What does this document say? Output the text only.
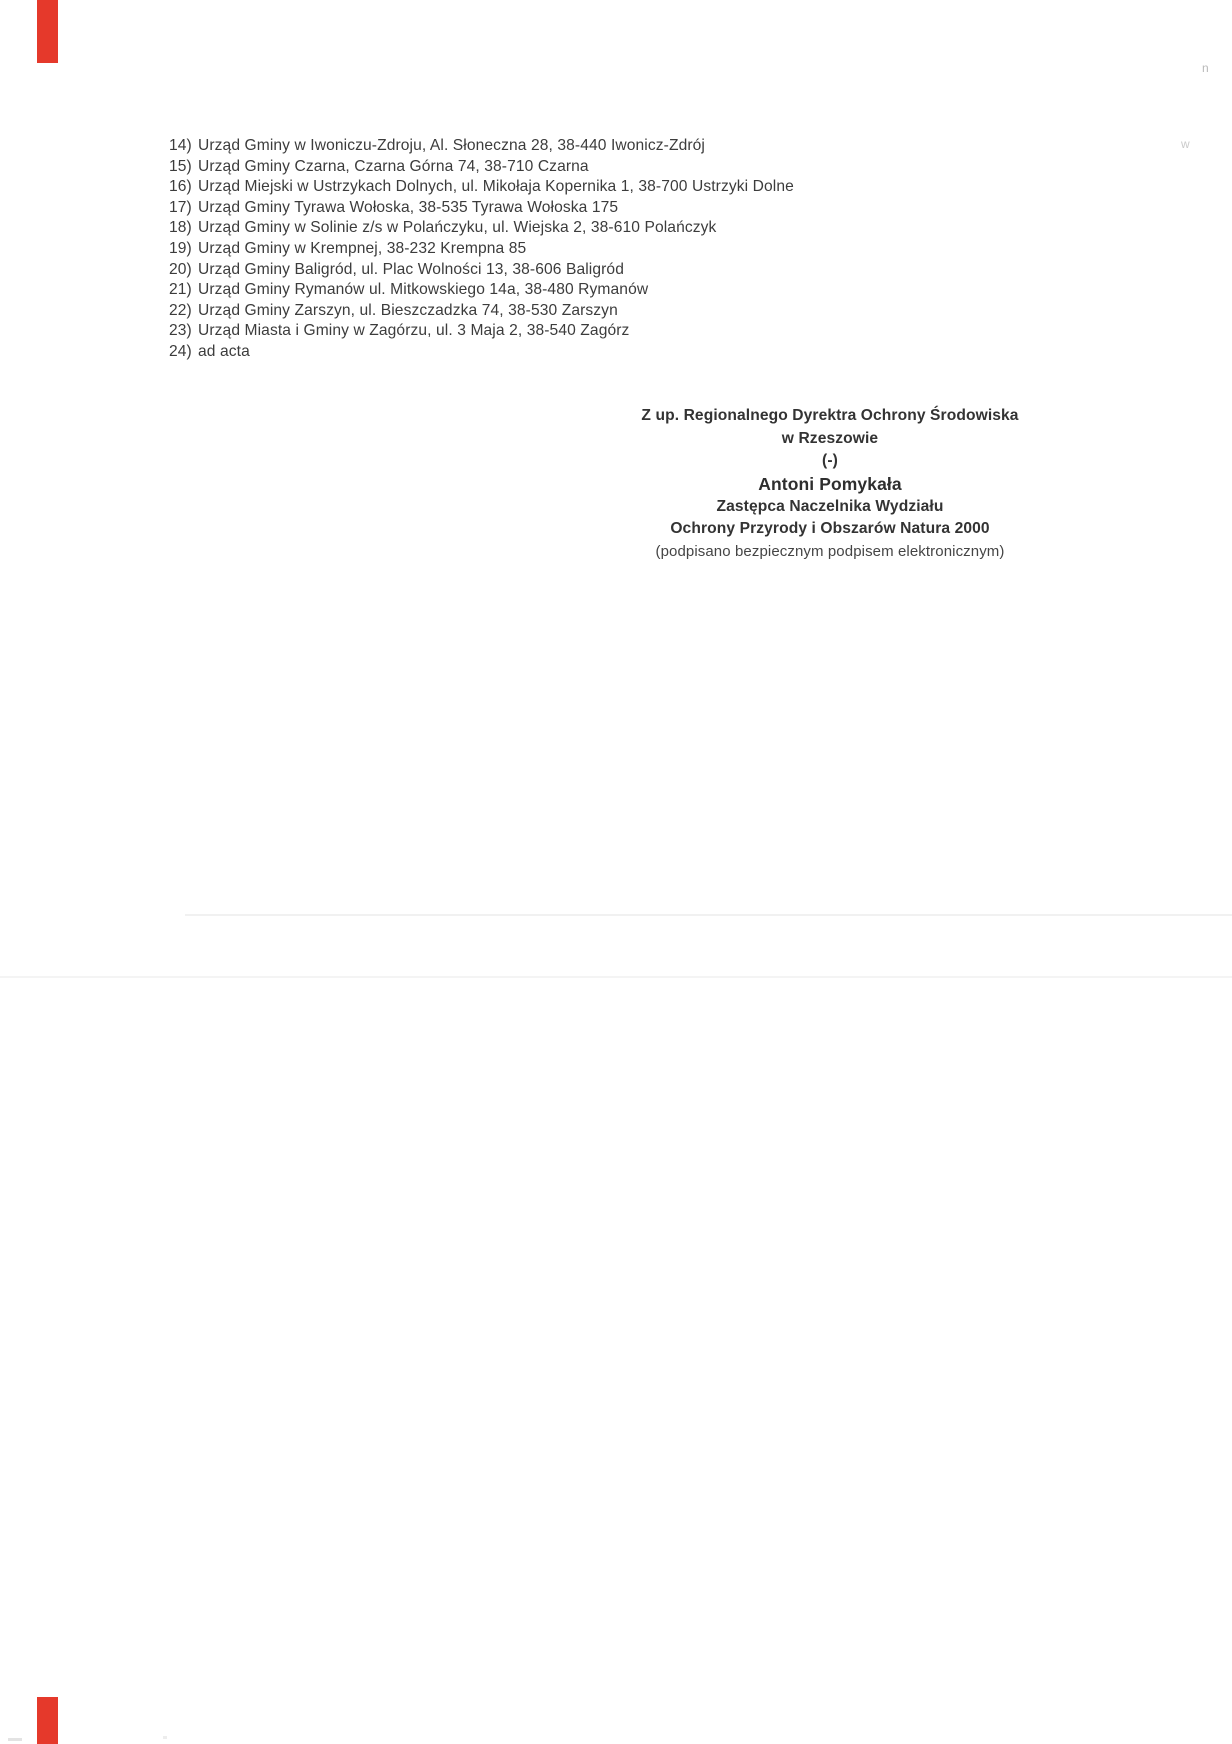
n
w
14) Urząd Gminy w Iwoniczu-Zdroju, Al. Słoneczna 28, 38-440 Iwonicz-Zdrój
15) Urząd Gminy Czarna, Czarna Górna 74, 38-710 Czarna
16) Urząd Miejski w Ustrzykach Dolnych, ul. Mikołaja Kopernika 1, 38-700 Ustrzyki Dolne
17) Urząd Gminy Tyrawa Wołoska, 38-535 Tyrawa Wołoska 175
18) Urząd Gminy w Solinie z/s w Polańczyku, ul. Wiejska 2, 38-610 Polańczyk
19) Urząd Gminy w Krempnej, 38-232 Krempna 85
20) Urząd Gminy Baligród, ul. Plac Wolności 13, 38-606 Baligród
21) Urząd Gminy Rymanów ul. Mitkowskiego 14a, 38-480 Rymanów
22) Urząd Gminy Zarszyn, ul. Bieszczadzka 74, 38-530 Zarszyn
23) Urząd Miasta i Gminy w Zagórzu, ul. 3 Maja 2, 38-540 Zagórz
24) ad acta
Z up. Regionalnego Dyrektra Ochrony Środowiska
w Rzeszowie
(-)
Antoni Pomykała
Zastępca Naczelnika Wydziału
Ochrony Przyrody i Obszarów Natura 2000
(podpisano bezpiecznym podpisem elektronicznym)
